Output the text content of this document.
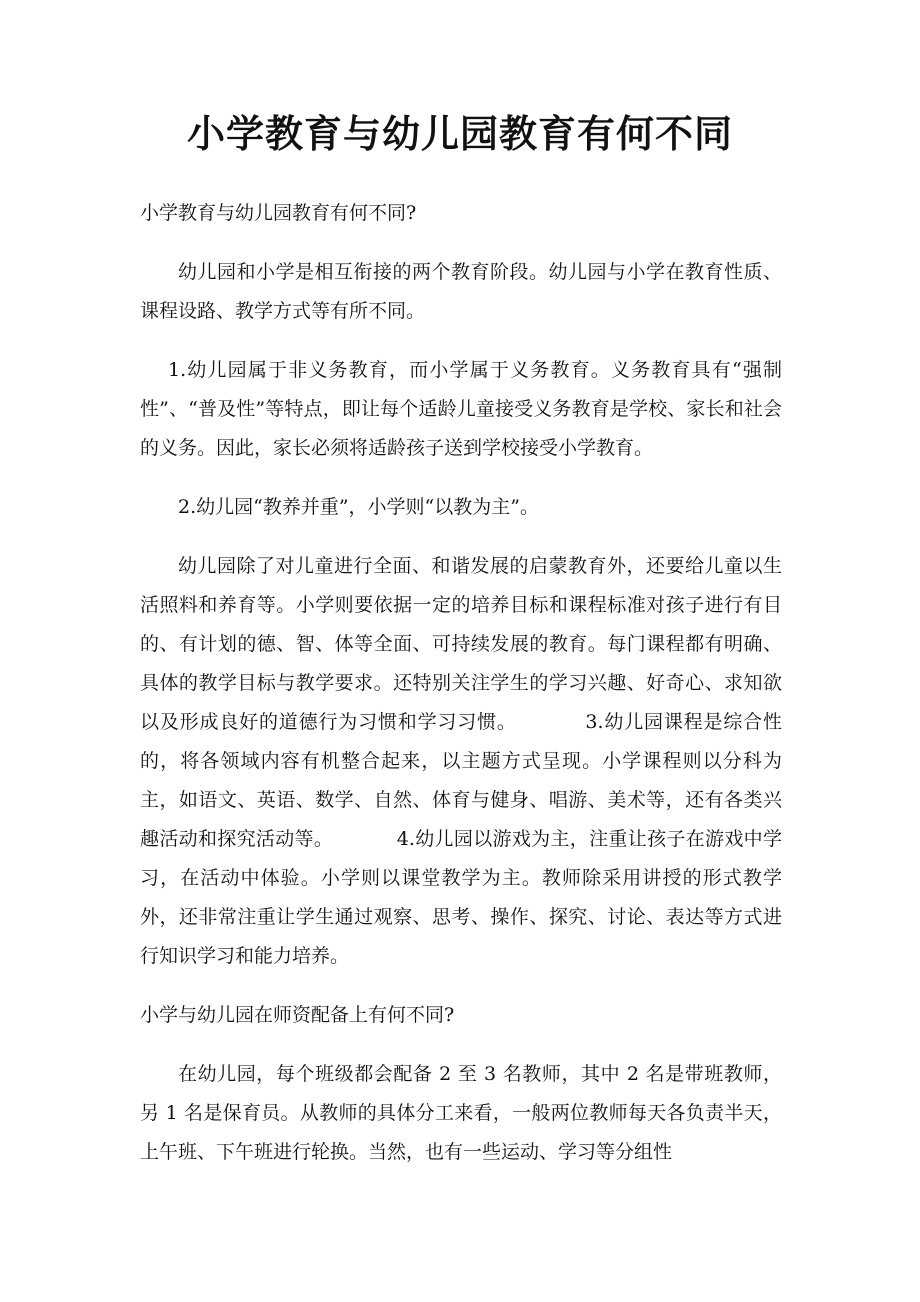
小学教育与幼儿园教育有何不同

小学教育与幼儿园教育有何不同?

幼儿园和小学是相互衔接的两个教育阶段。幼儿园与小学在教育性质、课程设路、教学方式等有所不同。

1.幼儿园属于非义务教育，而小学属于义务教育。义务教育具有“强制性”、“普及性”等特点，即让每个适龄儿童接受义务教育是学校、家长和社会的义务。因此，家长必须将适龄孩子送到学校接受小学教育。

2.幼儿园“教养并重”，小学则“以教为主”。

幼儿园除了对儿童进行全面、和谐发展的启蒙教育外，还要给儿童以生活照料和养育等。小学则要依据一定的培养目标和课程标准对孩子进行有目的、有计划的德、智、体等全面、可持续发展的教育。每门课程都有明确、具体的教学目标与教学要求。还特别关注学生的学习兴趣、好奇心、求知欲以及形成良好的道德行为习惯和学习习惯。          3.幼儿园课程是综合性的，将各领域内容有机整合起来，以主题方式呈现。小学课程则以分科为主，如语文、英语、数学、自然、体育与健身、唱游、美术等，还有各类兴趣活动和探究活动等。          4.幼儿园以游戏为主，注重让孩子在游戏中学习，在活动中体验。小学则以课堂教学为主。教师除采用讲授的形式教学外，还非常注重让学生通过观察、思考、操作、探究、讨论、表达等方式进行知识学习和能力培养。

小学与幼儿园在师资配备上有何不同?

在幼儿园，每个班级都会配备 2 至 3 名教师，其中 2 名是带班教师，另 1 名是保育员。从教师的具体分工来看，一般两位教师每天各负责半天，上午班、下午班进行轮换。当然，也有一些运动、学习等分组性
